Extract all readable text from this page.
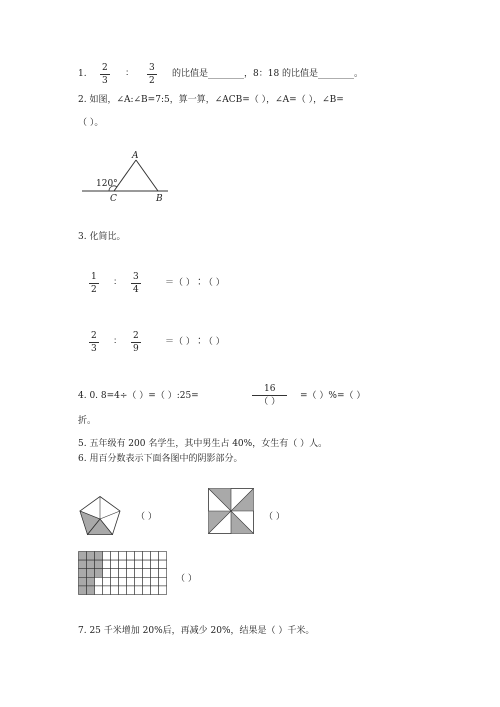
1. $\frac{2}{3}$ ∶ $\frac{3}{2}$ 的比值是________，8：18 的比值是________。
2. 如图，∠A:∠B=7:5，算一算，∠ACB=（ ），∠A=（ ），∠B=
（ ）。
120°
A
B
C
3. 化简比。
$\frac{1}{2}$ ∶ $\frac{3}{4}$	＝（ ）∶（ ）
$\frac{2}{3}$ ∶ $\frac{2}{9}$	＝（ ）∶（ ）
4. 0. 8=4÷（ ）=（ ）:25=
16
（ ）
=（ ）%=（ ）
折。
5. 五年级有 200 名学生，其中男生占 40%，女生有（ ）人。
6. 用百分数表示下面各图中的阴影部分。
（ ）	（ ）
（ ）
7. 25 千米增加 20%后，再减少 20%，结果是（ ）千米。
